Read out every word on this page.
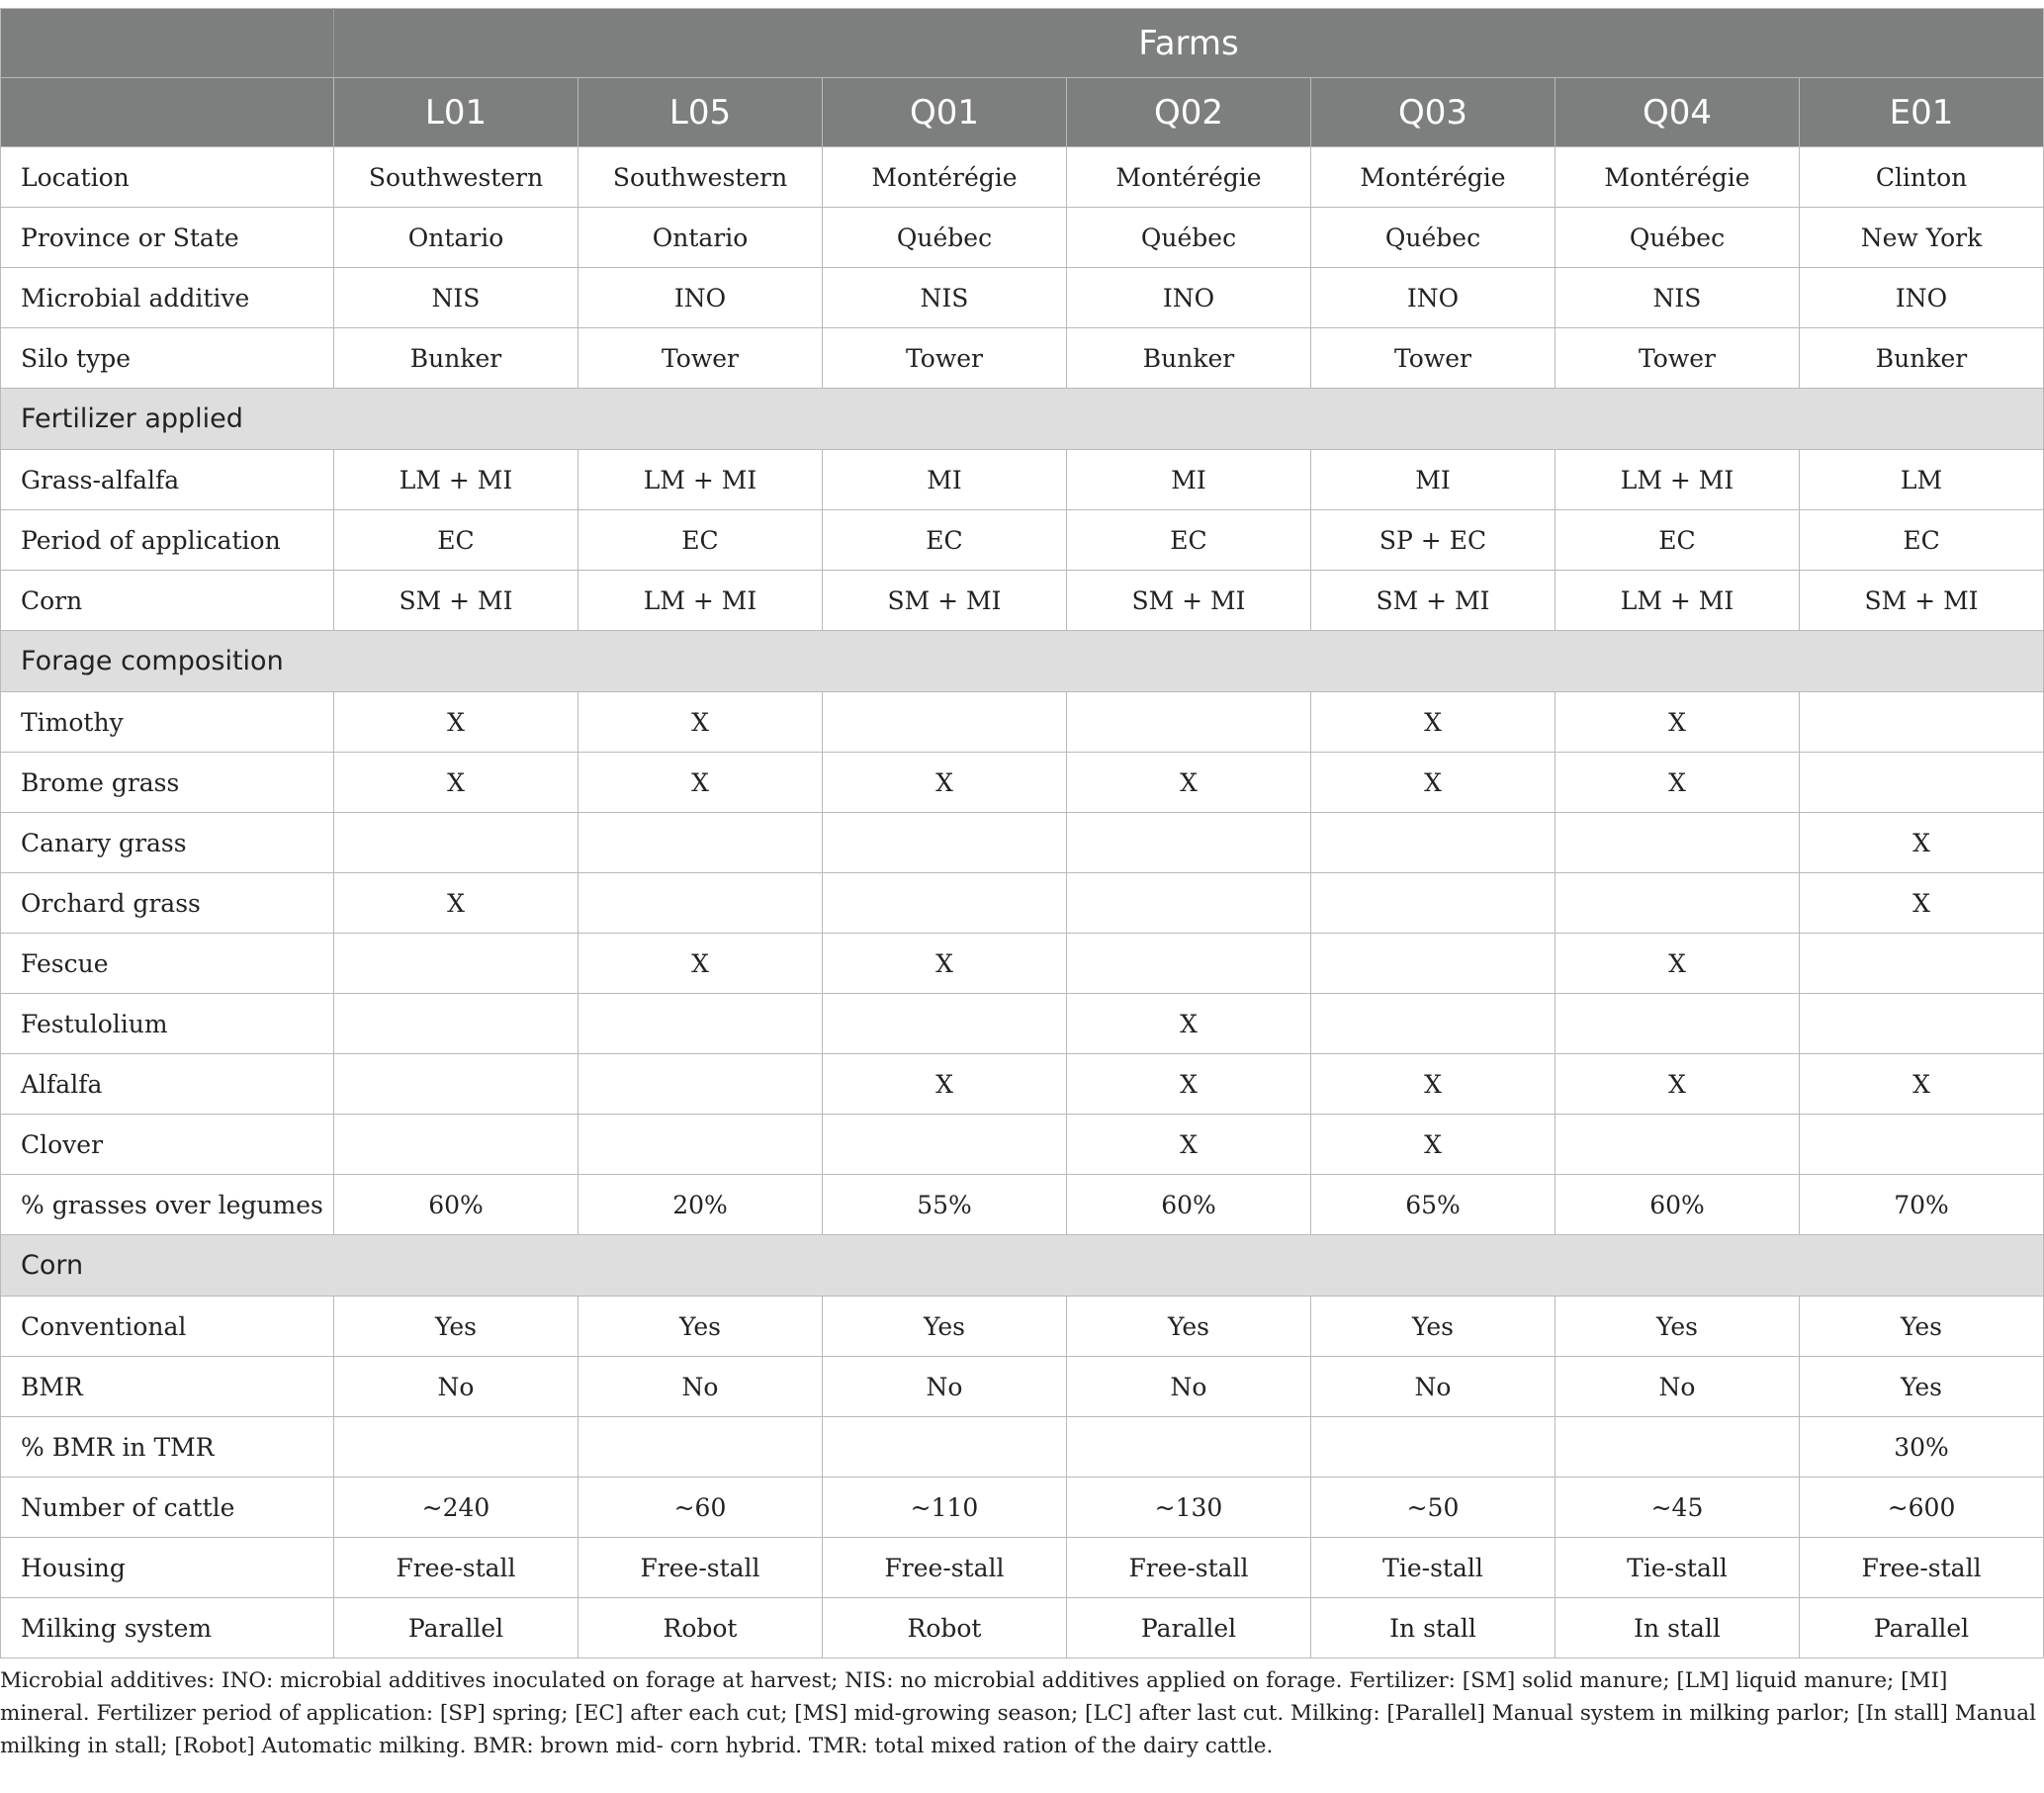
	Farms						
	L01	L05	Q01	Q02	Q03	Q04	E01
Location	Southwestern	Southwestern	Montérégie	Montérégie	Montérégie	Montérégie	Clinton
Province or State	Ontario	Ontario	Québec	Québec	Québec	Québec	New York
Microbial additive	NIS	INO	NIS	INO	INO	NIS	INO
Silo type	Bunker	Tower	Tower	Bunker	Tower	Tower	Bunker
Fertilizer applied							
Grass-alfalfa	LM + MI	LM + MI	MI	MI	MI	LM + MI	LM
Period of application	EC	EC	EC	EC	SP + EC	EC	EC
Corn	SM + MI	LM + MI	SM + MI	SM + MI	SM + MI	LM + MI	SM + MI
Forage composition							
Timothy	X	X			X	X	
Brome grass	X	X	X	X	X	X	
Canary grass							X
Orchard grass	X						X
Fescue		X	X			X	
Festulolium				X			
Alfalfa			X	X	X	X	X
Clover				X	X		
% grasses over legumes	60%	20%	55%	60%	65%	60%	70%
Corn							
Conventional	Yes	Yes	Yes	Yes	Yes	Yes	Yes
BMR	No	No	No	No	No	No	Yes
% BMR in TMR							30%
Number of cattle	~240	~60	~110	~130	~50	~45	~600
Housing	Free-stall	Free-stall	Free-stall	Free-stall	Tie-stall	Tie-stall	Free-stall
Milking system	Parallel	Robot	Robot	Parallel	In stall	In stall	Parallel
Microbial additives: INO: microbial additives inoculated on forage at harvest; NIS: no microbial additives applied on forage. Fertilizer: [SM] solid manure; [LM] liquid manure; [MI] mineral. Fertilizer period of application: [SP] spring; [EC] after each cut; [MS] mid-growing season; [LC] after last cut. Milking: [Parallel] Manual system in milking parlor; [In stall] Manual milking in stall; [Robot] Automatic milking. BMR: brown mid- corn hybrid. TMR: total mixed ration of the dairy cattle.
